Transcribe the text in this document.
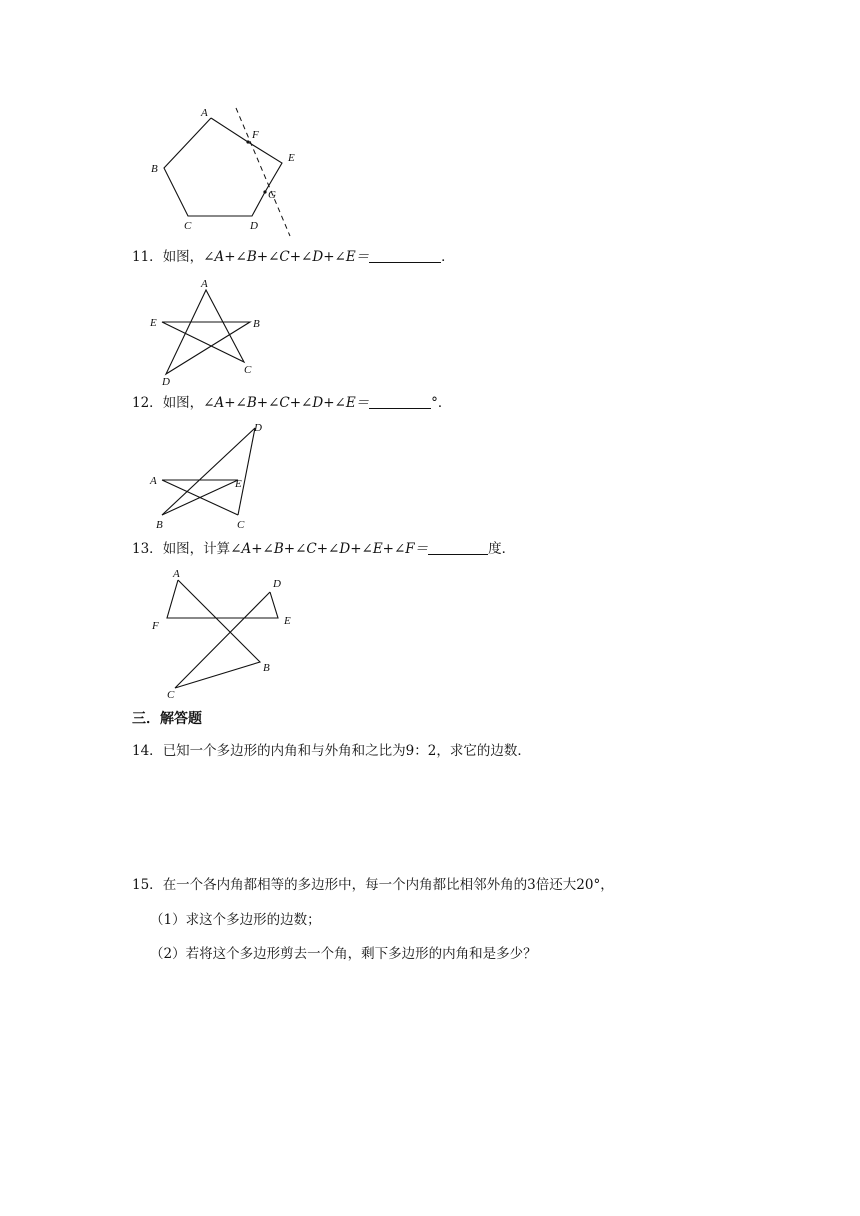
A
B
C	D
E
F
G
11．如图，∠A+∠B+∠C+∠D+∠E＝	．
A
B
C
D
E
12．如图，∠A+∠B+∠C+∠D+∠E＝	°．
A
B	C
D
E
13．如图，计算∠A+∠B+∠C+∠D+∠E+∠F＝	度．
A
B
C
D
E
F
三．解答题
14．已知一个多边形的内角和与外角和之比为9：2，求它的边数．
15．在一个各内角都相等的多边形中，每一个内角都比相邻外角的3倍还大20°，
（1）求这个多边形的边数；
（2）若将这个多边形剪去一个角，剩下多边形的内角和是多少？
